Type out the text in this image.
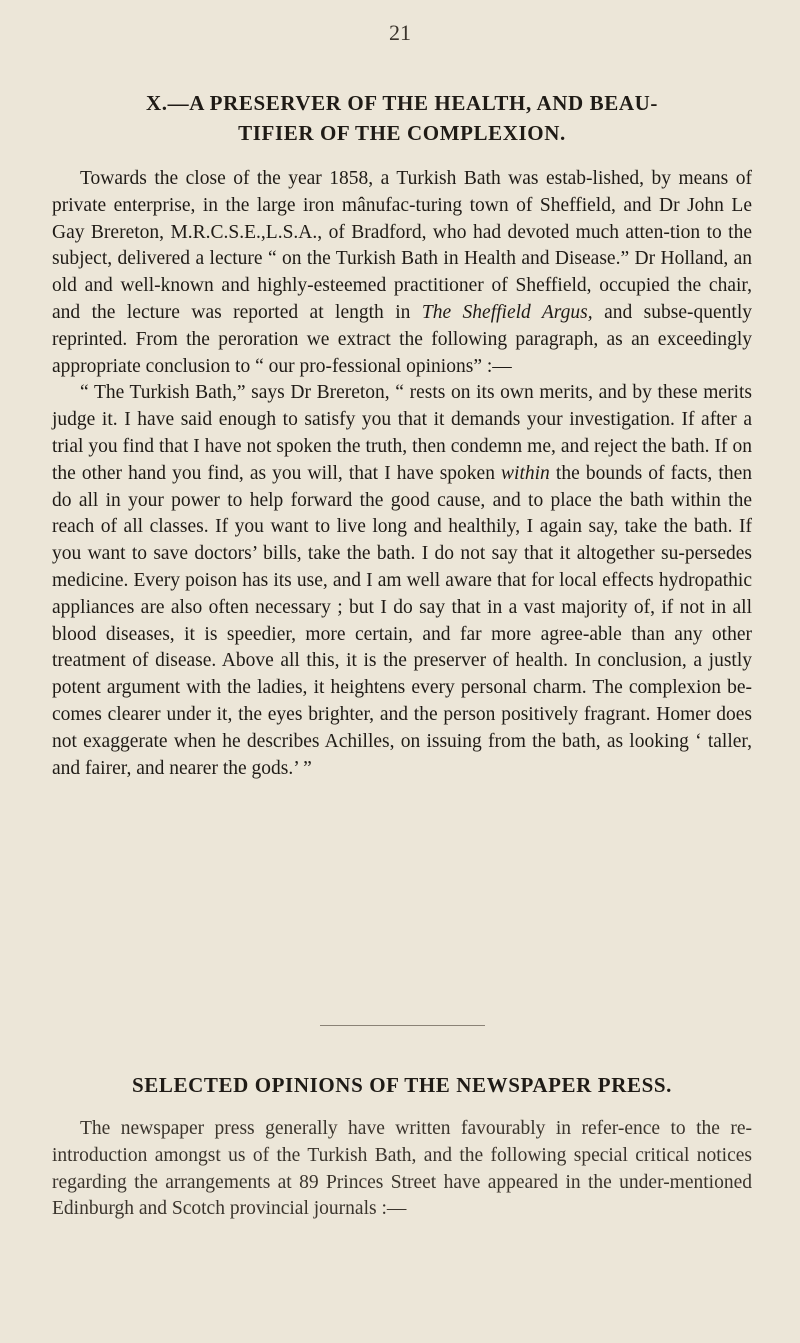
21
X.—A PRESERVER OF THE HEALTH, AND BEAU-
TIFIER OF THE COMPLEXION.

Towards the close of the year 1858, a Turkish Bath was estab-lished, by means of private enterprise, in the large iron mânufac-turing town of Sheffield, and Dr John Le Gay Brereton, M.R.C.S.E.,L.S.A., of Bradford, who had devoted much atten-tion to the subject, delivered a lecture “ on the Turkish Bath in Health and Disease.” Dr Holland, an old and well-known and highly-esteemed practitioner of Sheffield, occupied the chair, and the lecture was reported at length in The Sheffield Argus, and subse-quently reprinted. From the peroration we extract the following paragraph, as an exceedingly appropriate conclusion to “ our pro-fessional opinions” :—

“ The Turkish Bath,” says Dr Brereton, “ rests on its own merits, and by these merits judge it. I have said enough to satisfy you that it demands your investigation. If after a trial you find that I have not spoken the truth, then condemn me, and reject the bath. If on the other hand you find, as you will, that I have spoken within the bounds of facts, then do all in your power to help forward the good cause, and to place the bath within the reach of all classes. If you want to live long and healthily, I again say, take the bath. If you want to save doctors’ bills, take the bath. I do not say that it altogether su-persedes medicine. Every poison has its use, and I am well aware that for local effects hydropathic appliances are also often necessary ; but I do say that in a vast majority of, if not in all blood diseases, it is speedier, more certain, and far more agree-able than any other treatment of disease. Above all this, it is the preserver of health. In conclusion, a justly potent argument with the ladies, it heightens every personal charm. The complexion be-comes clearer under it, the eyes brighter, and the person positively fragrant. Homer does not exaggerate when he describes Achilles, on issuing from the bath, as looking ‘ taller, and fairer, and nearer the gods.’ ”

SELECTED OPINIONS OF THE NEWSPAPER PRESS.

The newspaper press generally have written favourably in refer-ence to the re-introduction amongst us of the Turkish Bath, and the following special critical notices regarding the arrangements at 89 Princes Street have appeared in the under-mentioned Edinburgh and Scotch provincial journals :—
